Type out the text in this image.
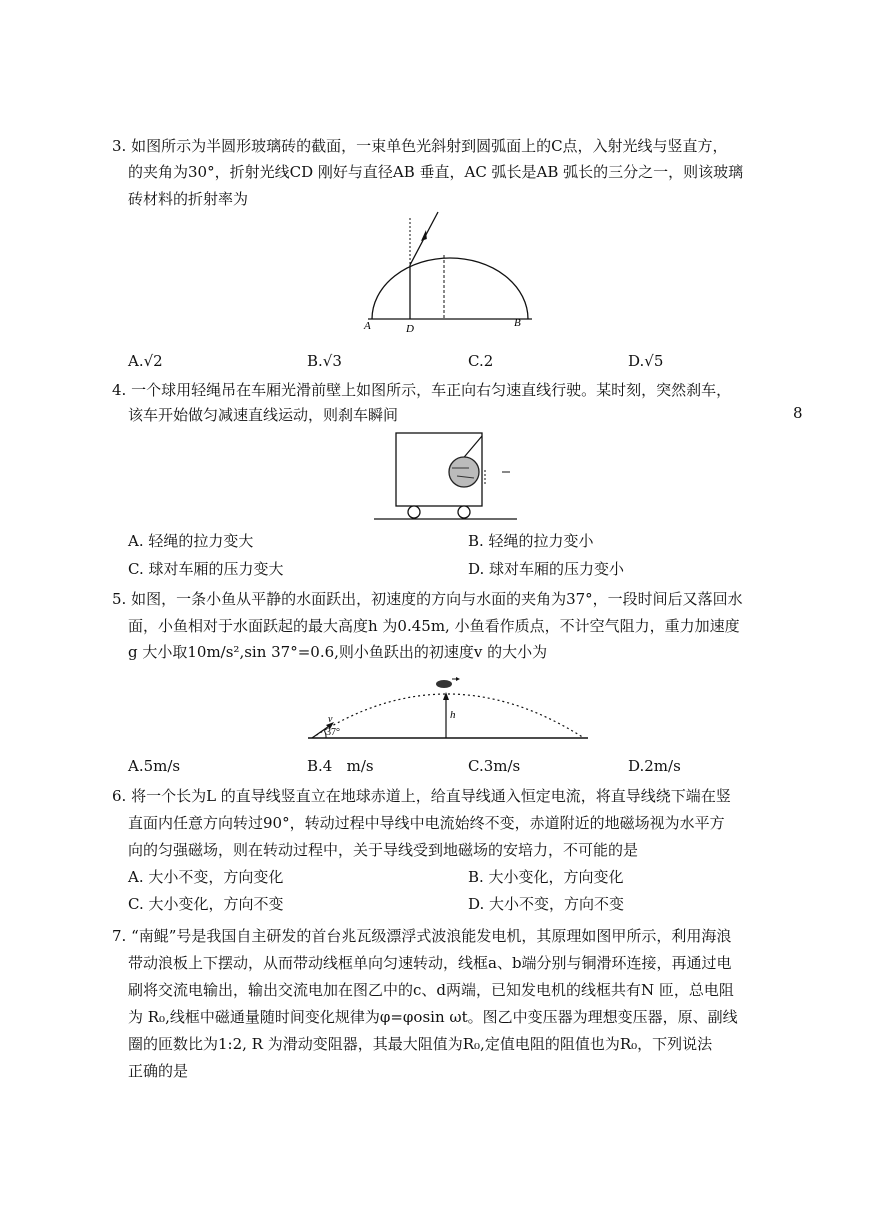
8
3. 如图所示为半圆形玻璃砖的截面，一束单色光斜射到圆弧面上的C点，入射光线与竖直方，
的夹角为30°，折射光线CD 刚好与直径AB 垂直，AC 弧长是AB 弧长的三分之一，则该玻璃
砖材料的折射率为
A	D	B
A.√2	B.√3	C.2	D.√5
4. 一个球用轻绳吊在车厢光滑前壁上如图所示，车正向右匀速直线行驶。某时刻，突然刹车，
该车开始做匀减速直线运动，则刹车瞬间
A. 轻绳的拉力变大	B. 轻绳的拉力变小
C. 球对车厢的压力变大	D. 球对车厢的压力变小
5. 如图，一条小鱼从平静的水面跃出，初速度的方向与水面的夹角为37°，一段时间后又落回水
面，小鱼相对于水面跃起的最大高度h 为0.45m, 小鱼看作质点，不计空气阻力，重力加速度
g 大小取10m/s²,sin 37°=0.6,则小鱼跃出的初速度v 的大小为
h
v
37°
A.5m/s	B.4   m/s	C.3m/s	D.2m/s
6. 将一个长为L 的直导线竖直立在地球赤道上，给直导线通入恒定电流，将直导线绕下端在竖
直面内任意方向转过90°，转动过程中导线中电流始终不变，赤道附近的地磁场视为水平方
向的匀强磁场，则在转动过程中，关于导线受到地磁场的安培力，不可能的是
A. 大小不变，方向变化	B. 大小变化，方向变化
C. 大小变化，方向不变	D. 大小不变，方向不变
7. “南鲲”号是我国自主研发的首台兆瓦级漂浮式波浪能发电机，其原理如图甲所示，利用海浪
带动浪板上下摆动，从而带动线框单向匀速转动，线框a、b端分别与铜滑环连接，再通过电
刷将交流电输出，输出交流电加在图乙中的c、d两端，已知发电机的线框共有N 匝，总电阻
为 R₀,线框中磁通量随时间变化规律为φ=φosin ωt。图乙中变压器为理想变压器，原、副线
圈的匝数比为1:2, R 为滑动变阻器，其最大阻值为R₀,定值电阻的阻值也为R₀，下列说法
正确的是
